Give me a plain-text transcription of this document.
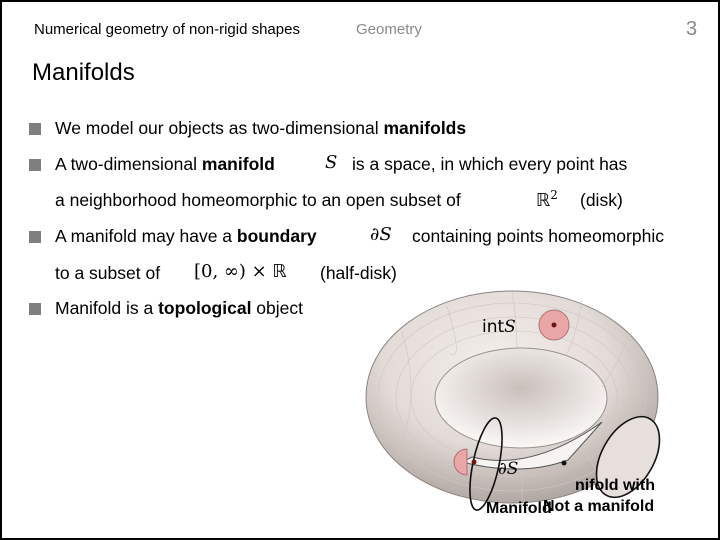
Numerical geometry of non-rigid shapes	Geometry	3
Manifolds
We model our objects as two-dimensional manifolds
A two-dimensional manifold	S is a space, in which every point has
a neighborhood homeomorphic to an open subset of	ℝ$^2$ (disk)
A manifold may have a boundary	∂S containing points homeomorphic
to a subset of [0, ∞) × ℝ (half-disk)
Manifold is a topological object
intS
∂S
nifold with
Manifold
Not a manifold
